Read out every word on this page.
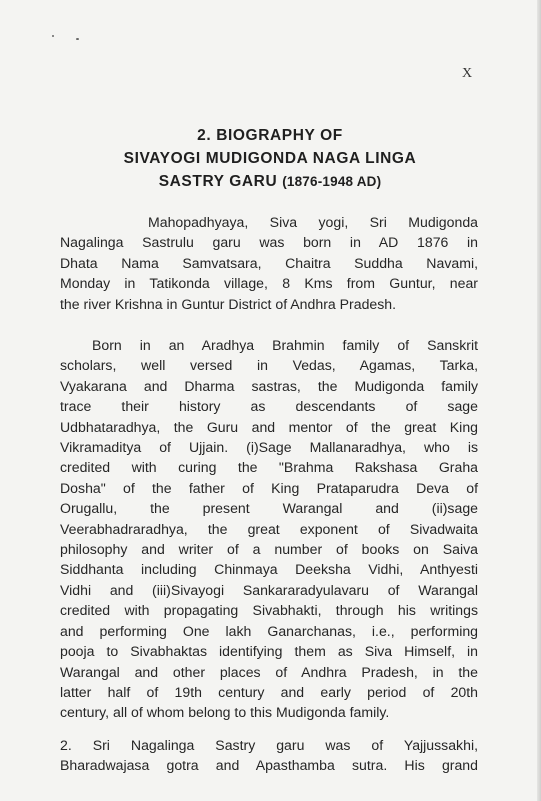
X
2. BIOGRAPHY OF
SIVAYOGI MUDIGONDA NAGA LINGA
SASTRY GARU (1876-1948 AD)
Mahopadhyaya, Siva yogi, Sri Mudigonda
Nagalinga Sastrulu garu was born in AD 1876 in
Dhata Nama Samvatsara, Chaitra Suddha Navami,
Monday in Tatikonda village, 8 Kms from Guntur, near
the river Krishna in Guntur District of Andhra Pradesh.
Born in an Aradhya Brahmin family of Sanskrit
scholars, well versed in Vedas, Agamas, Tarka,
Vyakarana and Dharma sastras, the Mudigonda family
trace their history as descendants of sage
Udbhataradhya, the Guru and mentor of the great King
Vikramaditya of Ujjain. (i)Sage Mallanaradhya, who is
credited with curing the "Brahma Rakshasa Graha
Dosha" of the father of King Prataparudra Deva of
Orugallu, the present Warangal and (ii)sage
Veerabhadraradhya, the great exponent of Sivadwaita
philosophy and writer of a number of books on Saiva
Siddhanta including Chinmaya Deeksha Vidhi, Anthyesti
Vidhi and (iii)Sivayogi Sankararadyulavaru of Warangal
credited with propagating Sivabhakti, through his writings
and performing One lakh Ganarchanas, i.e., performing
pooja to Sivabhaktas identifying them as Siva Himself, in
Warangal and other places of Andhra Pradesh, in the
latter half of 19th century and early period of 20th
century, all of whom belong to this Mudigonda family.
2. Sri Nagalinga Sastry garu was of Yajjussakhi,
Bharadwajasa gotra and Apasthamba sutra. His grand
